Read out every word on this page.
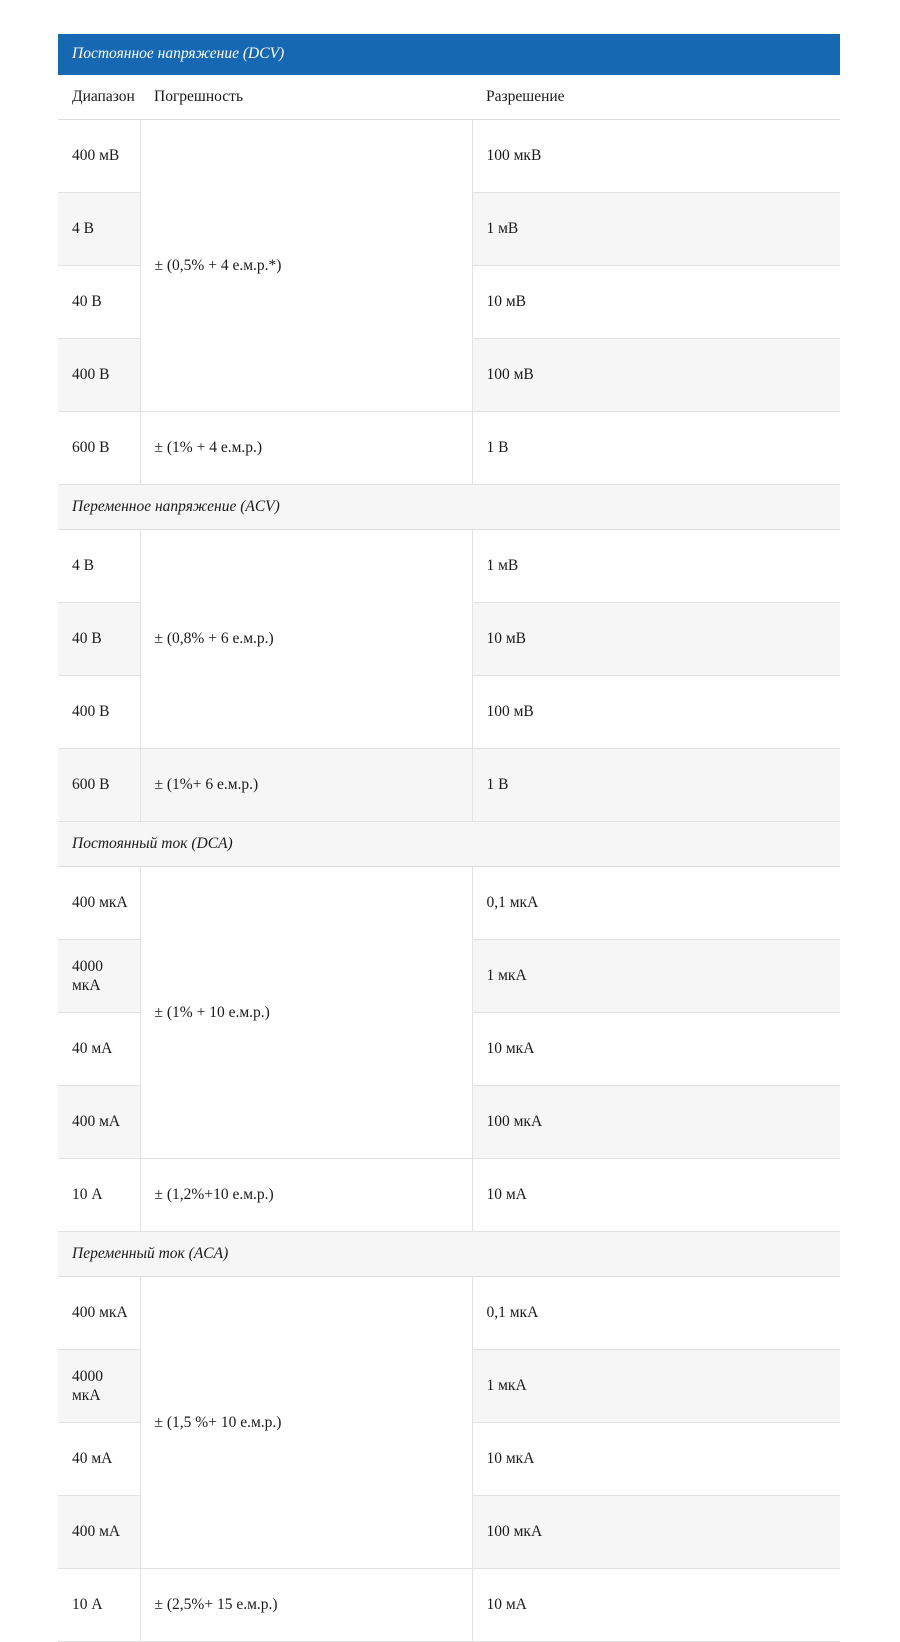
Постоянное напряжение (DCV)		
Диапазон	Погрешность	Разрешение
400 мВ	± (0,5% + 4 е.м.р.*)	100 мкВ
4 В		1 мВ
40 В		10 мВ
400 В		100 мВ
600 В	± (1% + 4 е.м.р.)	1 В
Переменное напряжение (ACV)		
4 В	± (0,8% + 6 е.м.р.)	1 мВ
40 В		10 мВ
400 В		100 мВ
600 В	± (1%+ 6 е.м.р.)	1 В
Постоянный ток (DCA)		
400 мкА	± (1% + 10 е.м.р.)	0,1 мкА
4000 мкА		1 мкА
40 мА		10 мкА
400 мА		100 мкА
10 А	± (1,2%+10 е.м.р.)	10 мА
Переменный ток (ACA)		
400 мкА	± (1,5 %+ 10 е.м.р.)	0,1 мкА
4000 мкА		1 мкА
40 мА		10 мкА
400 мА		100 мкА
10 А	± (2,5%+ 15 е.м.р.)	10 мА
